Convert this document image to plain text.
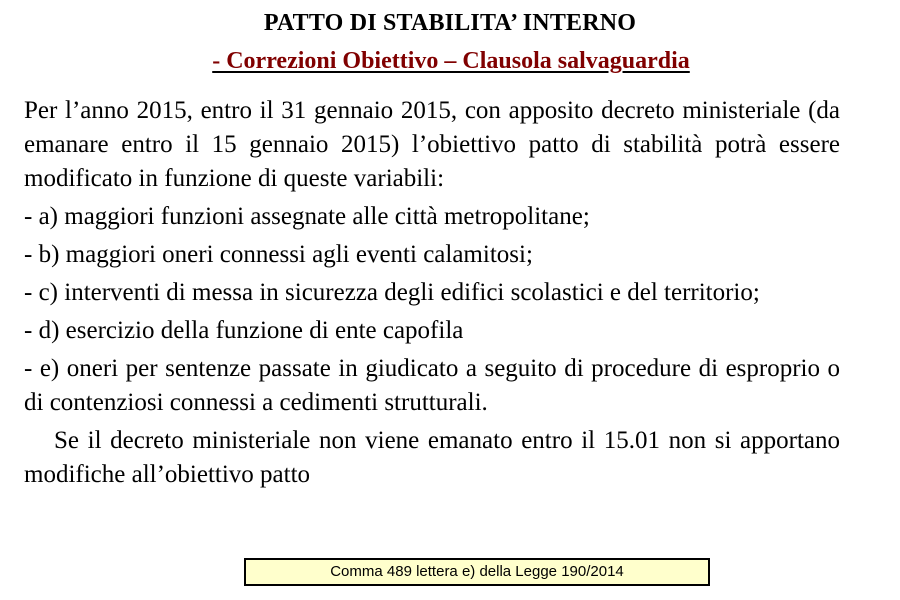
PATTO DI STABILITA’ INTERNO
- Correzioni Obiettivo – Clausola salvaguardia

Per l’anno 2015, entro il 31 gennaio 2015, con apposito decreto ministeriale (da emanare entro il 15 gennaio 2015) l’obiettivo patto di stabilità potrà essere modificato in funzione di queste variabili:

- a) maggiori funzioni assegnate alle città metropolitane;

- b) maggiori oneri connessi agli eventi calamitosi;

- c) interventi di messa in sicurezza degli edifici scolastici e del territorio;

- d) esercizio della funzione di ente capofila

- e) oneri per sentenze passate in giudicato a seguito di procedure di esproprio o di contenziosi connessi a cedimenti strutturali.

Se il decreto ministeriale non viene emanato entro il 15.01 non si apportano modifiche all’obiettivo patto

Comma 489 lettera e) della Legge 190/2014
